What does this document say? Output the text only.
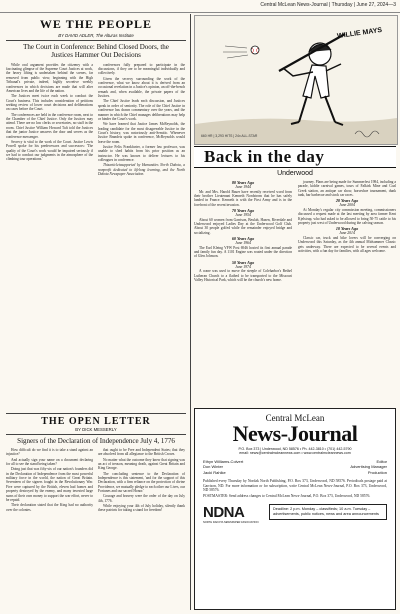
Central McLean News-Journal | Thursday | June 27, 2024—3
WE THE PEOPLE
BY DAVID ADLER, The Alturas Institute
The Court in Conference: Behind Closed Doors, the Justices Hammer Out Decisions

While oral argument provides the citizenry with a fascinating glimpse of the Supreme Court Justices at work, the heavy lifting is undertaken behind the scenes, far removed from public view, beginning with the High Tribunal's private, indeed, highly secretive weekly conferences in which decisions are made that will alter American lives and the life of the nation.

The Justices meet twice each week to conduct the Court's business. This includes consideration of petitions seeking review of lower court decisions and deliberations on cases before the Court.

The conferences are held in the conference room, next to the Chamber of the Chief Justice. Only the Justices may attend. There are no law clerks or secretaries, no staff in the room. Chief Justice William Howard Taft told the Justices that the junior Justice answers the door and serves as the conference messenger.

Secrecy is vital to the work of the Court. Justice Lewis Powell spoke for his predecessors and successors: 'The quality of the Court's work would be impaired seriously if we had to conduct our judgments in the atmosphere of the climbing tour operations.'

conferences fully prepared to participate in the discussions, if they are to be meaningful individually and collectively.

Given the secrecy surrounding the work of the conference, what we know about it is derived from an occasional revelation in a Justice's opinion, an off-the-bench remark and, when available, the private papers of the Justices.

The Chief Justice leads each discussion, and Justices speak in order of seniority. The role of the Chief Justice in conference has drawn commentary over the years, and the manner in which the Chief manages deliberations may help or hinder the Court's work.

We have learned that Justice James McReynolds, the leading candidate for the most disagreeable Justice in the Court's history, was notoriously anti-Semitic. Whenever Justice Brandeis spoke in conference, McReynolds would leave the room.

Justice Felix Frankfurter, a former law professor, was unable to shed habits from his prior position as an instructor. He was known to deliver lectures to his colleagues in conference.

Thisarticleissupported by Humanities North Dakota, a nonprofit dedicated to lifelong learning, and the North Dakota Newspaper Association.

THE OPEN LETTER
BY DICK MESSERLY
Signers of the Declaration of Independence July 4, 1776

How difficult do we find it is to take a stand against an injustice?

And actually sign your name on a document declaring for all to see the stand being taken?

Doing just that was fifty-six of our nation's founders did in the Declaration of Independence from the most powerful military force in the world, the nation of Great Britain. Seventeen of the signers fought in the Revolutionary War. Five were captured by the British, eleven had homes and property destroyed by the enemy, and many invested large sums of their own money to support the war effort, never to be repaid.

Their declaration stated that the King had no authority over the colonies.

that ought to be Free and Independent States; that they are absolved from all allegiance to the British Crown.

No matter what the outcome they knew that signing was an act of treason, meaning death, against Great Britain and King George.

The concluding sentence to the Declaration of Independence is this statement, 'and for the support of this Declaration, with a firm reliance on the protection of divine Providence, we mutually pledge to each other our Lives, our Fortunes and our sacred Honor.'

Courage and bravery were the order of the day on July 4th, 1776.

While enjoying your 4th of July holiday, silently thank these patriots for taking a stand for freedom!

WILLIE MAYS
660 HR | 3,293 HITS | 24x ALL-STAR
Back in the day
Underwood
80 Years Ago
June 1944

Mr. and Mrs. Harold Bauer have recently received word from their brother Lieutenant Kenneth Nordstrom that he has safely landed in France. Kenneth is with the First Army and is in the forefront of the recent invasion.

70 Years Ago
June 1954

About 60 women from Garrison, Beulah, Hazen, Riverdale and Underwood enjoyed Ladies Day at the Underwood Golf Club. About 30 people golfed while the remainder enjoyed bridge and socializing.

60 Years Ago
June 1964

The Earl Kleing VFW Post 6946 hosted its first annual parade and family fun day. A 1101 Engine was routed under the direction of Glen Johnson.

50 Years Ago
June 1974

A crane was used to move the steeple of Coleharbor's Bethel Lutheran Church to a flatbed to be transported to the Missouri Valley Historical Park, which will be the church's new home.

journey. Plans are being made for Summerfest 1984, including a parade, kiddie carnival games, tours of Falkirk Mine and Coal Creek station, an antique car show, horseshoe tournament, dunk tank, bar barbecue and stock car races.

20 Years Ago
June 2004

At Monday's regular city commission meeting, commissioners discussed a request made at the last meeting by area farmer Kent Kjelstrup, who had asked to be allowed to bring 50-75 cattle to his property just west of Underwood during the calving season.

10 Years Ago
June 2014

Classic car, truck and bike lovers will be converging on Underwood this Saturday, as the 4th annual Midsummer Classic gets underway. There are expected to be several events and activities, with a fun day for families, with all ages welcome.

Central McLean
News-Journal
P.O. Box 373 | Underwood, ND 58576 • Ph. 442-3810 • (701) 442-5790
email: news@centralmcleannews.com • www.centralmcleannews.com
Ethyn Williams-Colvert	Editor
Don Winter	Advertising Manager
Jacki Rahlke	Production

Published every Thursday by Nordak North Publishing, P.O. Box 373, Underwood, ND 58576. Periodicals postage paid at Garrison, ND. For more information or for subscription, write Central McLean News-Journal, P.O. Box 373, Underwood, ND 58576.

POSTMASTER: Send address changes to Central McLean News-Journal, P.O. Box 373, Underwood, ND 58576.

NDNA
NORTH DAKOTA NEWSPAPER ASSOCIATION
Deadline: 2 p.m. Monday – classifieds; 10 a.m. Tuesday – advertisements, public notices, news and area announcements
